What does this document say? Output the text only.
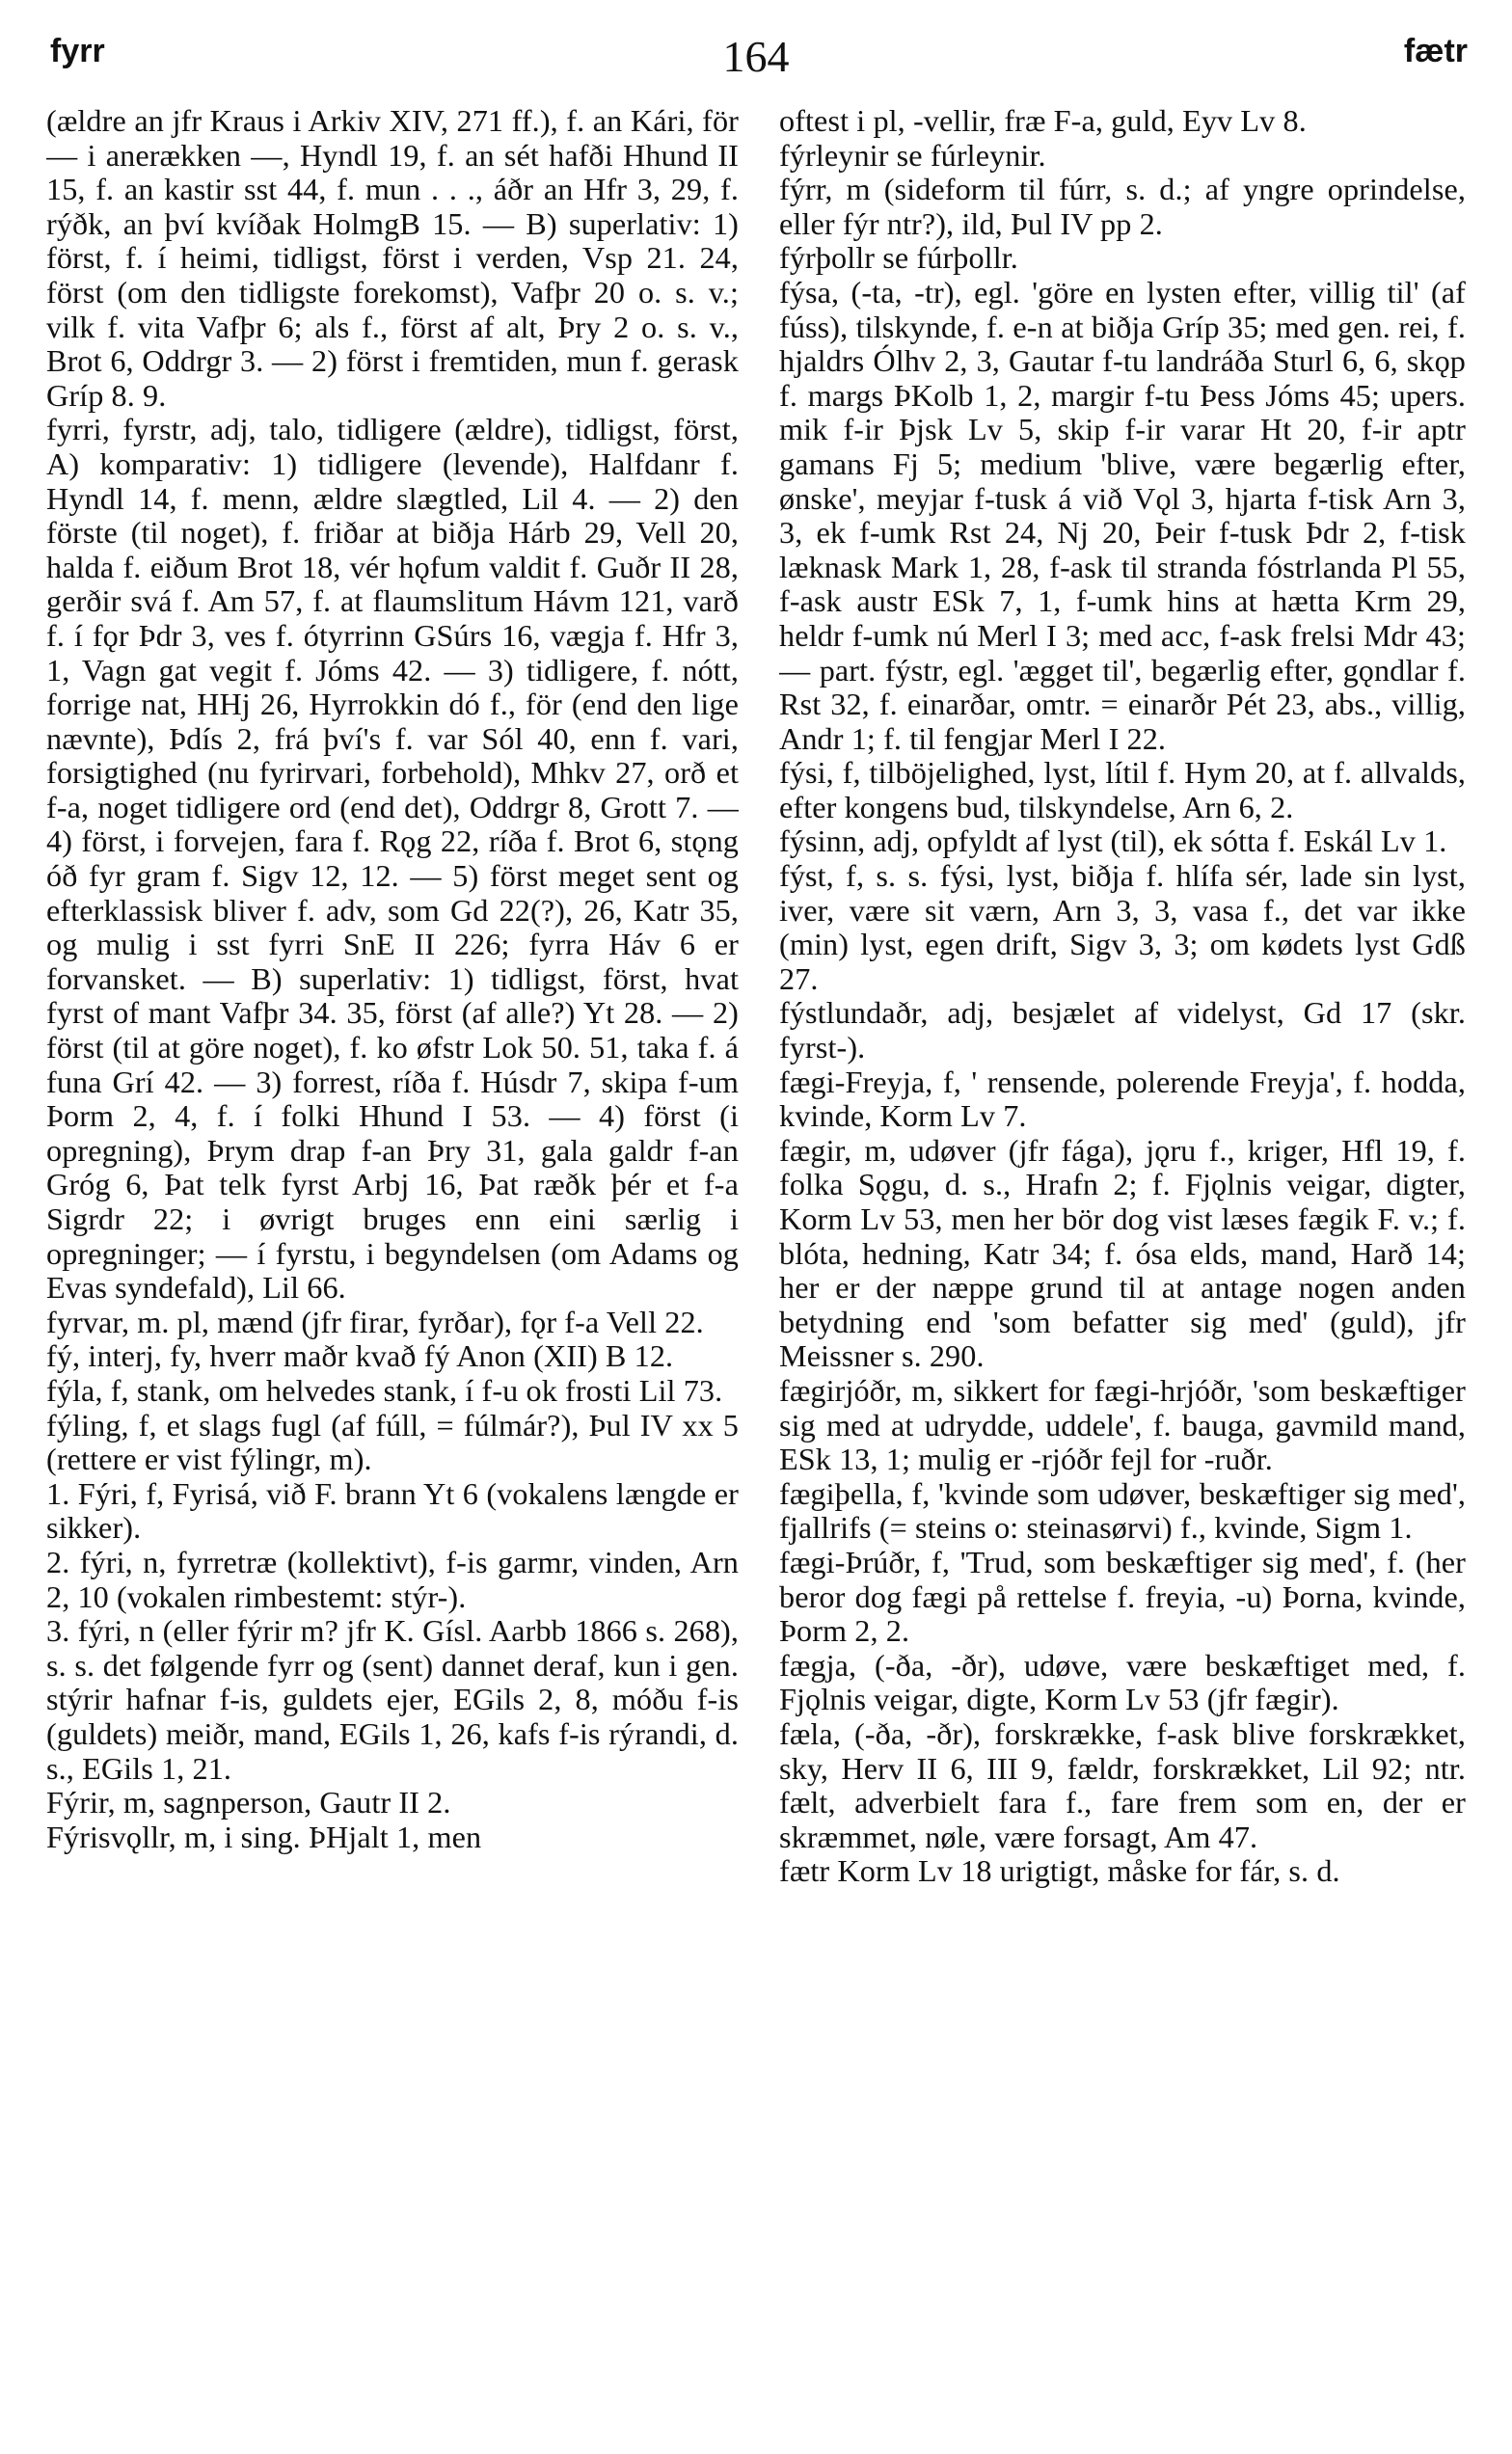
fyrr	164	fætr

(ældre an jfr Kraus i Arkiv XIV, 271 ff.), f. an Kári, för — i anerækken —, Hyndl 19, f. an sét hafði Hhund II 15, f. an kastir sst 44, f. mun . . ., áðr an Hfr 3, 29, f. rýðk, an því kvíðak HolmgB 15. — B) superlativ: 1) först, f. í heimi, tidligst, först i verden, Vsp 21. 24, först (om den tidligste forekomst), Vafþr 20 o. s. v.; vilk f. vita Vafþr 6; als f., först af alt, Þry 2 o. s. v., Brot 6, Oddrgr 3. — 2) först i fremtiden, mun f. gerask Gríp 8. 9.

fyrri, fyrstr, adj, talo, tidligere (ældre), tidligst, först, A) komparativ: 1) tidligere (levende), Halfdanr f. Hyndl 14, f. menn, ældre slægtled, Lil 4. — 2) den förste (til noget), f. friðar at biðja Hárb 29, Vell 20, halda f. eiðum Brot 18, vér hǫfum valdit f. Guðr II 28, gerðir svá f. Am 57, f. at flaumslitum Hávm 121, varð f. í fǫr Þdr 3, ves f. ótyrrinn GSúrs 16, vægja f. Hfr 3, 1, Vagn gat vegit f. Jóms 42. — 3) tidligere, f. nótt, forrige nat, HHj 26, Hyrrokkin dó f., för (end den lige nævnte), Þdís 2, frá því's f. var Sól 40, enn f. vari, forsigtighed (nu fyrirvari, forbehold), Mhkv 27, orð et f-a, noget tidligere ord (end det), Oddrgr 8, Grott 7. — 4) först, i forvejen, fara f. Rǫg 22, ríða f. Brot 6, stǫng óð fyr gram f. Sigv 12, 12. — 5) först meget sent og efterklassisk bliver f. adv, som Gd 22(?), 26, Katr 35, og mulig i sst fyrri SnE II 226; fyrra Háv 6 er forvansket. — B) superlativ: 1) tidligst, först, hvat fyrst of mant Vafþr 34. 35, först (af alle?) Yt 28. — 2) först (til at göre noget), f. ko øfstr Lok 50. 51, taka f. á funa Grí 42. — 3) forrest, ríða f. Húsdr 7, skipa f-um Þorm 2, 4, f. í folki Hhund I 53. — 4) först (i opregning), Þrym drap f-an Þry 31, gala galdr f-an Gróg 6, Þat telk fyrst Arbj 16, Þat ræðk þér et f-a Sigrdr 22; i øvrigt bruges enn eini særlig i opregninger; — í fyrstu, i begyndelsen (om Adams og Evas syndefald), Lil 66.

fyrvar, m. pl, mænd (jfr firar, fyrðar), fǫr f-a Vell 22.

fý, interj, fy, hverr maðr kvað fý Anon (XII) B 12.

fýla, f, stank, om helvedes stank, í f-u ok frosti Lil 73.

fýling, f, et slags fugl (af fúll, = fúlmár?), Þul IV xx 5 (rettere er vist fýlingr, m).

1. Fýri, f, Fyrisá, við F. brann Yt 6 (vokalens længde er sikker).

2. fýri, n, fyrretræ (kollektivt), f-is garmr, vinden, Arn 2, 10 (vokalen rimbestemt: stýr-).

3. fýri, n (eller fýrir m? jfr K. Gísl. Aarbb 1866 s. 268), s. s. det følgende fyrr og (sent) dannet deraf, kun i gen. stýrir hafnar f-is, guldets ejer, EGils 2, 8, móðu f-is (guldets) meiðr, mand, EGils 1, 26, kafs f-is rýrandi, d. s., EGils 1, 21.

Fýrir, m, sagnperson, Gautr II 2.

Fýrisvǫllr, m, i sing. ÞHjalt 1, men

oftest i pl, -vellir, fræ F-a, guld, Eyv Lv 8.

fýrleynir se fúrleynir.

fýrr, m (sideform til fúrr, s. d.; af yngre oprindelse, eller fýr ntr?), ild, Þul IV pp 2.

fýrþollr se fúrþollr.

fýsa, (-ta, -tr), egl. 'göre en lysten efter, villig til' (af fúss), tilskynde, f. e-n at biðja Gríp 35; med gen. rei, f. hjaldrs Ólhv 2, 3, Gautar f-tu landráða Sturl 6, 6, skǫp f. margs ÞKolb 1, 2, margir f-tu Þess Jóms 45; upers. mik f-ir Þjsk Lv 5, skip f-ir varar Ht 20, f-ir aptr gamans Fj 5; medium 'blive, være begærlig efter, ønske', meyjar f-tusk á við Vǫl 3, hjarta f-tisk Arn 3, 3, ek f-umk Rst 24, Nj 20, Þeir f-tusk Þdr 2, f-tisk læknask Mark 1, 28, f-ask til stranda fóstrlanda Pl 55, f-ask austr ESk 7, 1, f-umk hins at hætta Krm 29, heldr f-umk nú Merl I 3; med acc, f-ask frelsi Mdr 43; — part. fýstr, egl. 'ægget til', begærlig efter, gǫndlar f. Rst 32, f. einarðar, omtr. = einarðr Pét 23, abs., villig, Andr 1; f. til fengjar Merl I 22.

fýsi, f, tilböjelighed, lyst, lítil f. Hym 20, at f. allvalds, efter kongens bud, tilskyndelse, Arn 6, 2.

fýsinn, adj, opfyldt af lyst (til), ek sótta f. Eskál Lv 1.

fýst, f, s. s. fýsi, lyst, biðja f. hlífa sér, lade sin lyst, iver, være sit værn, Arn 3, 3, vasa f., det var ikke (min) lyst, egen drift, Sigv 3, 3; om kødets lyst Gdß 27.

fýstlundaðr, adj, besjælet af videlyst, Gd 17 (skr. fyrst-).

fægi-Freyja, f, ' rensende, polerende Freyja', f. hodda, kvinde, Korm Lv 7.

fægir, m, udøver (jfr fága), jǫru f., kriger, Hfl 19, f. folka Sǫgu, d. s., Hrafn 2; f. Fjǫlnis veigar, digter, Korm Lv 53, men her bör dog vist læses fægik F. v.; f. blóta, hedning, Katr 34; f. ósa elds, mand, Harð 14; her er der næppe grund til at antage nogen anden betydning end 'som befatter sig med' (guld), jfr Meissner s. 290.

fægirjóðr, m, sikkert for fægi-hrjóðr, 'som beskæftiger sig med at udrydde, uddele', f. bauga, gavmild mand, ESk 13, 1; mulig er -rjóðr fejl for -ruðr.

fægiþella, f, 'kvinde som udøver, beskæftiger sig med', fjallrifs (= steins o: steinasørvi) f., kvinde, Sigm 1.

fægi-Þrúðr, f, 'Trud, som beskæftiger sig med', f. (her beror dog fægi på rettelse f. freyia, -u) Þorna, kvinde, Þorm 2, 2.

fægja, (-ða, -ðr), udøve, være beskæftiget med, f. Fjǫlnis veigar, digte, Korm Lv 53 (jfr fægir).

fæla, (-ða, -ðr), forskrække, f-ask blive forskrækket, sky, Herv II 6, III 9, fældr, forskrækket, Lil 92; ntr. fælt, adverbielt fara f., fare frem som en, der er skræmmet, nøle, være forsagt, Am 47.

fætr Korm Lv 18 urigtigt, måske for fár, s. d.
